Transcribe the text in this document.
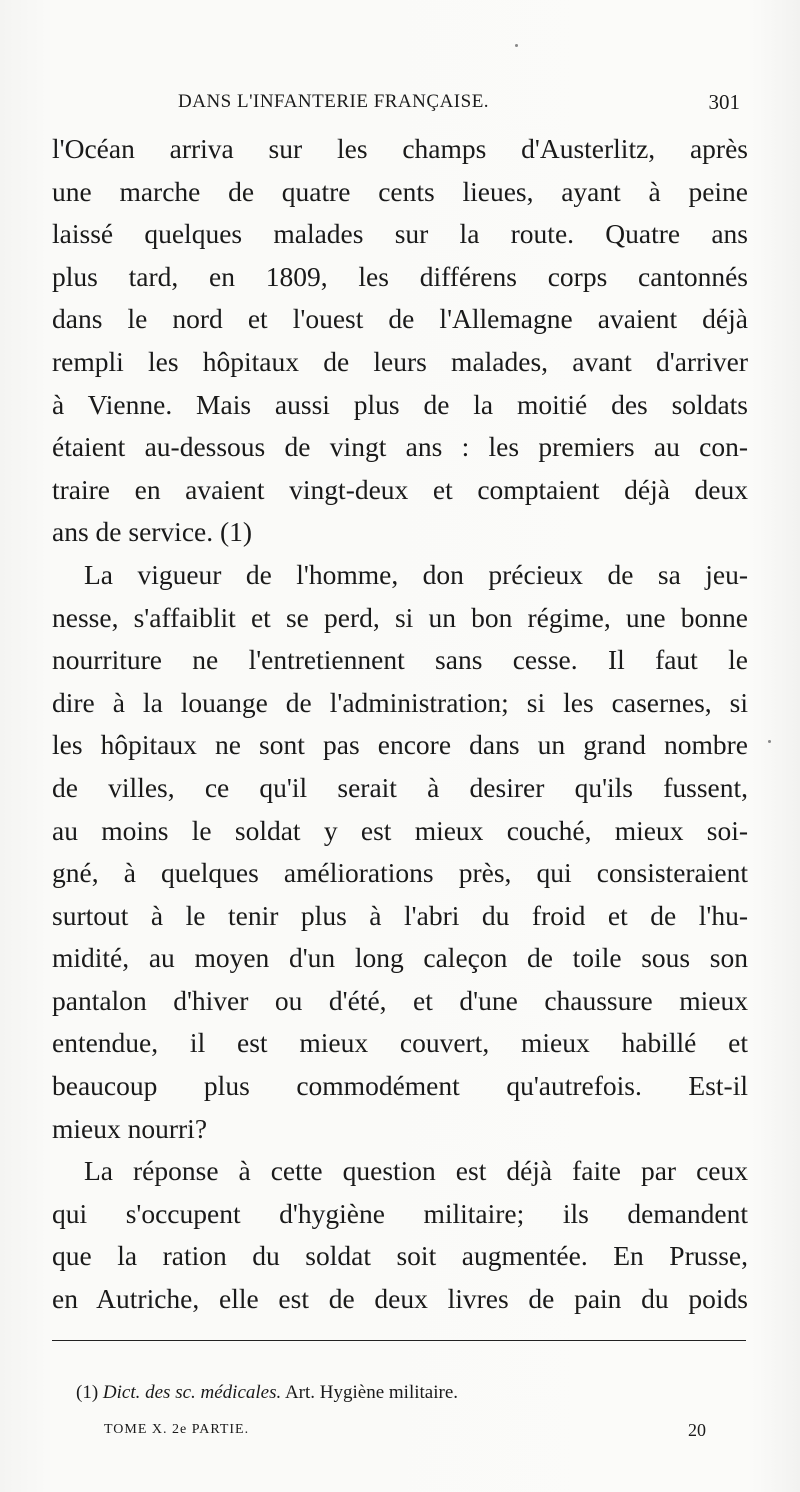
DANS L'INFANTERIE FRANÇAISE.	301
l'Océan arriva sur les champs d'Austerlitz, après
une marche de quatre cents lieues, ayant à peine
laissé quelques malades sur la route. Quatre ans
plus tard, en 1809, les différens corps cantonnés
dans le nord et l'ouest de l'Allemagne avaient déjà
rempli les hôpitaux de leurs malades, avant d'arriver
à Vienne. Mais aussi plus de la moitié des soldats
étaient au-dessous de vingt ans : les premiers au con-
traire en avaient vingt-deux et comptaient déjà deux
ans de service. (1)
La vigueur de l'homme, don précieux de sa jeu-
nesse, s'affaiblit et se perd, si un bon régime, une bonne
nourriture ne l'entretiennent sans cesse. Il faut le
dire à la louange de l'administration; si les casernes, si
les hôpitaux ne sont pas encore dans un grand nombre
de villes, ce qu'il serait à desirer qu'ils fussent,
au moins le soldat y est mieux couché, mieux soi-
gné, à quelques améliorations près, qui consisteraient
surtout à le tenir plus à l'abri du froid et de l'hu-
midité, au moyen d'un long caleçon de toile sous son
pantalon d'hiver ou d'été, et d'une chaussure mieux
entendue, il est mieux couvert, mieux habillé et
beaucoup plus commodément qu'autrefois. Est-il
mieux nourri?
La réponse à cette question est déjà faite par ceux
qui s'occupent d'hygiène militaire; ils demandent
que la ration du soldat soit augmentée. En Prusse,
en Autriche, elle est de deux livres de pain du poids
(1) Dict. des sc. médicales. Art. Hygiène militaire.
TOME X. 2e PARTIE.	20
